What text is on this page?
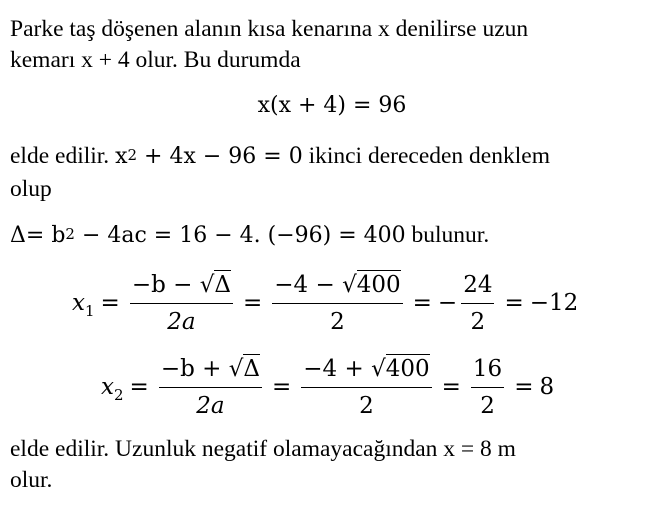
Parke taş döşenen alanın kısa kenarına x denilirse uzun
kemarı x + 4 olur. Bu durumda

x(x + 4) = 96

elde edilir. $x^2 + 4x - 96 = 0$ ikinci dereceden denklem
olup

$\Delta= b^2 - 4ac = 16 - 4$. (−96) = 400 bulunur.

$x_1 = \frac{-b - √\Delta}{2a} = \frac{-4 - √400}{2}$ = − $\frac{24}{2} = -12$
$x_2 = \frac{-b + √\Delta}{2a} = \frac{-4 + √400}{2} = \frac{16}{2} = 8$

elde edilir. Uzunluk negatif olamayacağından x = 8 m
olur.
